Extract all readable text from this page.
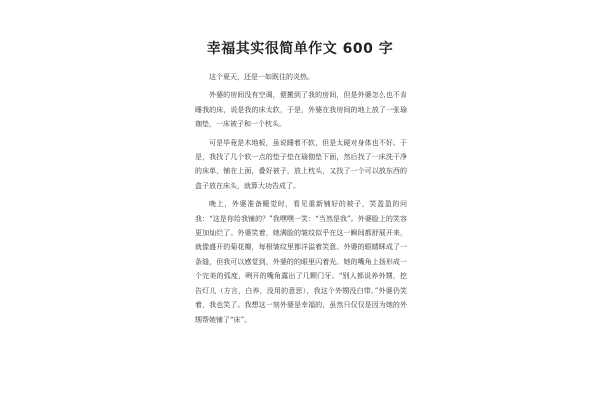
幸福其实很简单作文 600 字

这个夏天，还是一如既往的炎热。

外婆的房间没有空调，便搬到了我的房间，但是外婆怎么也不肯睡我的床，说是我的床太软，于是，外婆在我房间的地上放了一张瑜珈垫，一床被子和一个枕头。

可是毕竟是木地板，虽说睡着不软，但是太硬对身体也不好。于是，我找了几个软一点的垫子垫在瑜伽垫下面，然后找了一床洗干净的床单，铺在上面，叠好被子，放上枕头，又找了一个可以放东西的盒子放在床头，就算大功告成了。

晚上，外婆准备睡觉时，看见重新铺好的被子，笑盈盈的问我：“这是你给我铺的？”我嘿嘿一笑：“当然是我”。外婆脸上的笑容更加灿烂了。外婆笑着，她满脸的皱纹似乎在这一瞬间都舒展开来，就像盛开的菊花瓣，每根皱纹里都洋溢着笑意。外婆的眼睛眯成了一条缝，但我可以感觉到，外婆的的眼里闪着光。她的嘴角上扬形成一个完美的弧度，咧开的嘴角露出了几颗门牙。“别人都说养外甥，挖告灯儿（方言，白养，没用的意思），我这个外甥没白带。”外婆仍笑着，我也笑了。我想这一刻外婆是幸福的，虽然只仅仅是因为她的外甥帮她铺了“床”。
